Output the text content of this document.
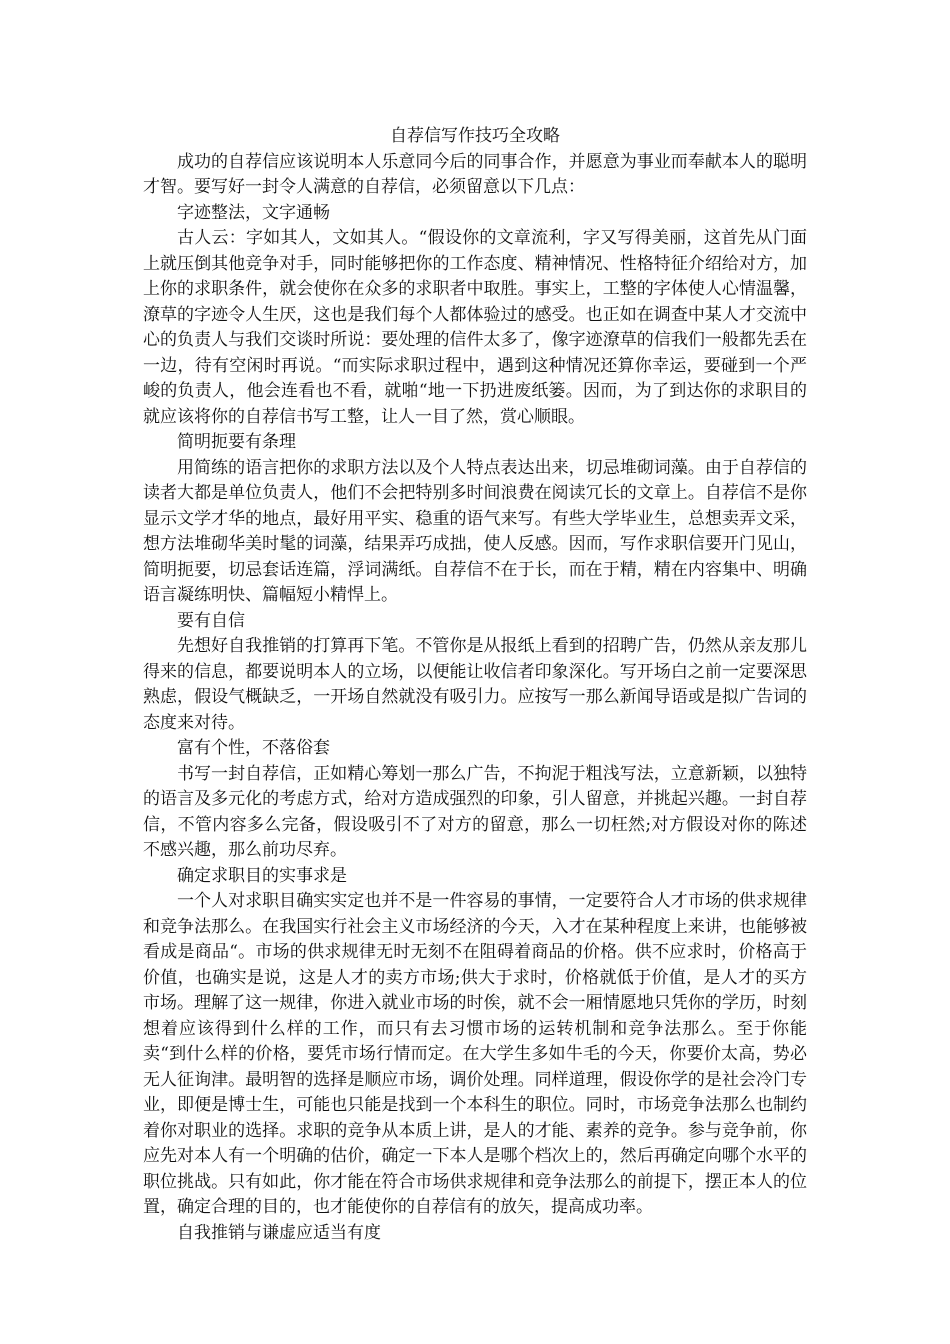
自荐信写作技巧全攻略

成功的自荐信应该说明本人乐意同今后的同事合作，并愿意为事业而奉献本人的聪明才智。要写好一封令人满意的自荐信，必须留意以下几点：

字迹整法，文字通畅

古人云：字如其人，文如其人。“假设你的文章流利，字又写得美丽，这首先从门面上就压倒其他竞争对手，同时能够把你的工作态度、精神情况、性格特征介绍给对方，加上你的求职条件，就会使你在众多的求职者中取胜。事实上，工整的字体使人心情温馨，潦草的字迹令人生厌，这也是我们每个人都体验过的感受。也正如在调查中某人才交流中心的负责人与我们交谈时所说：要处理的信件太多了，像字迹潦草的信我们一般都先丢在一边，待有空闲时再说。“而实际求职过程中，遇到这种情况还算你幸运，要碰到一个严峻的负责人，他会连看也不看，就啪“地一下扔进废纸篓。因而，为了到达你的求职目的就应该将你的自荐信书写工整，让人一目了然，赏心顺眼。

简明扼要有条理

用简练的语言把你的求职方法以及个人特点表达出来，切忌堆砌词藻。由于自荐信的读者大都是单位负责人，他们不会把特别多时间浪费在阅读冗长的文章上。自荐信不是你显示文学才华的地点，最好用平实、稳重的语气来写。有些大学毕业生，总想卖弄文采，想方法堆砌华美时髦的词藻，结果弄巧成拙，使人反感。因而，写作求职信要开门见山，简明扼要，切忌套话连篇，浮词满纸。自荐信不在于长，而在于精，精在内容集中、明确语言凝练明快、篇幅短小精悍上。

要有自信

先想好自我推销的打算再下笔。不管你是从报纸上看到的招聘广告，仍然从亲友那儿得来的信息，都要说明本人的立场，以便能让收信者印象深化。写开场白之前一定要深思熟虑，假设气概缺乏，一开场自然就没有吸引力。应按写一那么新闻导语或是拟广告词的态度来对待。

富有个性，不落俗套

书写一封自荐信，正如精心筹划一那么广告，不拘泥于粗浅写法，立意新颖，以独特的语言及多元化的考虑方式，给对方造成强烈的印象，引人留意，并挑起兴趣。一封自荐信，不管内容多么完备，假设吸引不了对方的留意，那么一切枉然;对方假设对你的陈述不感兴趣，那么前功尽弃。

确定求职目的实事求是

一个人对求职目确实实定也并不是一件容易的事情，一定要符合人才市场的供求规律和竞争法那么。在我国实行社会主义市场经济的今天，入才在某种程度上来讲，也能够被看成是商品“。市场的供求规律无时无刻不在阻碍着商品的价格。供不应求时，价格高于价值，也确实是说，这是人才的卖方市场;供大于求时，价格就低于价值，是人才的买方市场。理解了这一规律，你进入就业市场的时俟，就不会一厢情愿地只凭你的学历，时刻想着应该得到什么样的工作，而只有去习惯市场的运转机制和竞争法那么。至于你能卖“到什么样的价格，要凭市场行情而定。在大学生多如牛毛的今天，你要价太高，势必无人征询津。最明智的选择是顺应市场，调价处理。同样道理，假设你学的是社会冷门专业，即便是博士生，可能也只能是找到一个本科生的职位。同时，市场竞争法那么也制约着你对职业的选择。求职的竞争从本质上讲，是人的才能、素养的竞争。参与竞争前，你应先对本人有一个明确的估价，确定一下本人是哪个档次上的，然后再确定向哪个水平的职位挑战。只有如此，你才能在符合市场供求规律和竞争法那么的前提下，摆正本人的位置，确定合理的目的，也才能使你的自荐信有的放矢，提高成功率。

自我推销与谦虚应适当有度
